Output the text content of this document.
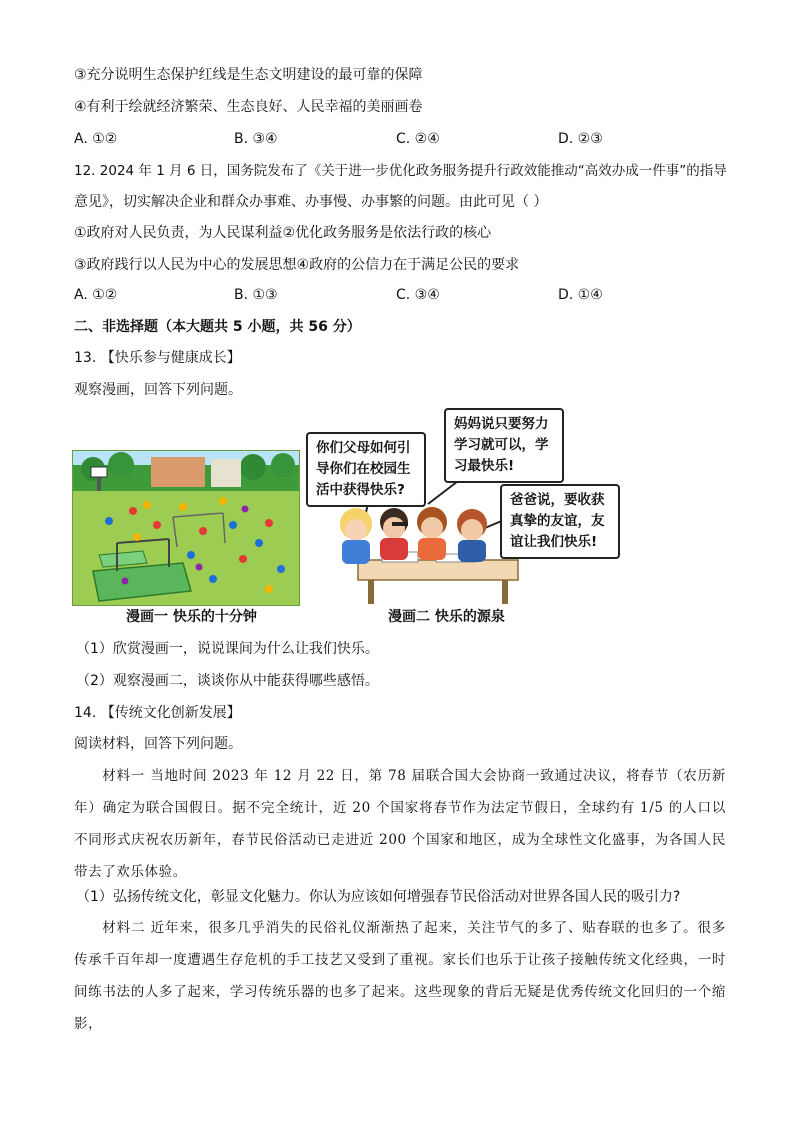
③充分说明生态保护红线是生态文明建设的最可靠的保障
④有利于绘就经济繁荣、生态良好、人民幸福的美丽画卷
A. ①②	B. ③④	C. ②④	D. ②③
12. 2024 年 1 月 6 日，国务院发布了《关于进一步优化政务服务提升行政效能推动“高效办成一件事”的指导
意见》，切实解决企业和群众办事难、办事慢、办事繁的问题。由此可见（ ）
①政府对人民负责，为人民谋利益②优化政务服务是依法行政的核心
③政府践行以人民为中心的发展思想④政府的公信力在于满足公民的要求
A. ①②	B. ①③	C. ③④	D. ①④
二、非选择题（本大题共 5 小题，共 56 分）
13. 【快乐参与健康成长】
观察漫画，回答下列问题。
漫画一 快乐的十分钟
你们父母如何引
导你们在校园生
活中获得快乐?
妈妈说只要努力
学习就可以，学
习最快乐!
爸爸说，要收获
真挚的友谊，友
谊让我们快乐!
漫画二 快乐的源泉
（1）欣赏漫画一，说说课间为什么让我们快乐。
（2）观察漫画二，谈谈你从中能获得哪些感悟。
14. 【传统文化创新发展】
阅读材料，回答下列问题。
材料一 当地时间 2023 年 12 月 22 日，第 78 届联合国大会协商一致通过决议，将春节（农历新年）确定为联合国假日。据不完全统计，近 20 个国家将春节作为法定节假日，全球约有 1/5 的人口以不同形式庆祝农历新年，春节民俗活动已走进近 200 个国家和地区，成为全球性文化盛事，为各国人民带去了欢乐体验。
（1）弘扬传统文化，彰显文化魅力。你认为应该如何增强春节民俗活动对世界各国人民的吸引力?
材料二 近年来，很多几乎消失的民俗礼仪渐渐热了起来，关注节气的多了、贴春联的也多了。很多传承千百年却一度遭遇生存危机的手工技艺又受到了重视。家长们也乐于让孩子接触传统文化经典，一时间练书法的人多了起来，学习传统乐器的也多了起来。这些现象的背后无疑是优秀传统文化回归的一个缩影，
